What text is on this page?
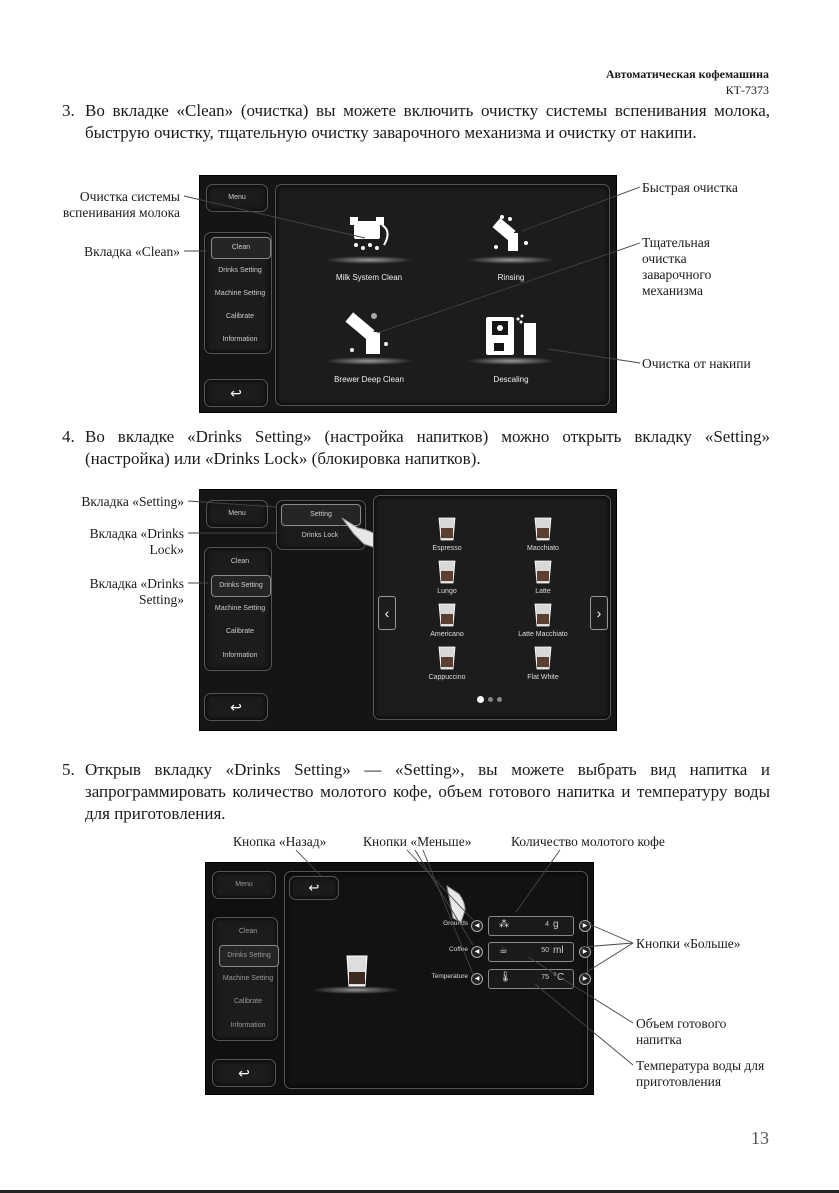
Автоматическая кофемашина
КТ-7373
3. Во вкладке «Clean» (очистка) вы можете включить очистку системы вспенивания молока, быструю очистку, тщательную очистку заварочного механизма и очистку от накипи.
Menu
Clean
Drinks Setting
Machine Setting
Calibrate
Information
↩
Milk System Clean	Rinsing
Brewer Deep Clean	Descaling
Очистка системы вспенивания молока
Вкладка «Clean»
Быстрая очистка
Тщательная очистка заварочного механизма
Очистка от накипи
4. Во вкладке «Drinks Setting» (настройка напитков) можно открыть вкладку «Setting» (настройка) или «Drinks Lock» (блокировка напитков).
Menu
Clean
Drinks Setting
Machine Setting
Calibrate
Information
↩
Setting
Drinks Lock
‹	›
Espresso	Macchiato
Lungo	Latte
Americano	Latte Macchiato
Cappuccino	Flat White
Вкладка «Setting»
Вкладка «Drinks Lock»
Вкладка «Drinks Setting»
5. Открыв вкладку «Drinks Setting» — «Setting», вы можете выбрать вид напитка и запрограммировать количество молотого кофе, объем готового напитка и температуру воды для приготовления.
Menu
Clean
Drinks Setting
Machine Setting
Calibrate
Information
↩
↩
Grounds	◀	⁂	4 g	▶
Coffee	◀	☕	50 ml	▶
Temperature	◀	🌡	75 °C	▶
Кнопка «Назад»	Кнопки «Меньше»	Количество молотого кофе
Кнопки «Больше»
Объем готового напитка
Температура воды для приготовления
13
